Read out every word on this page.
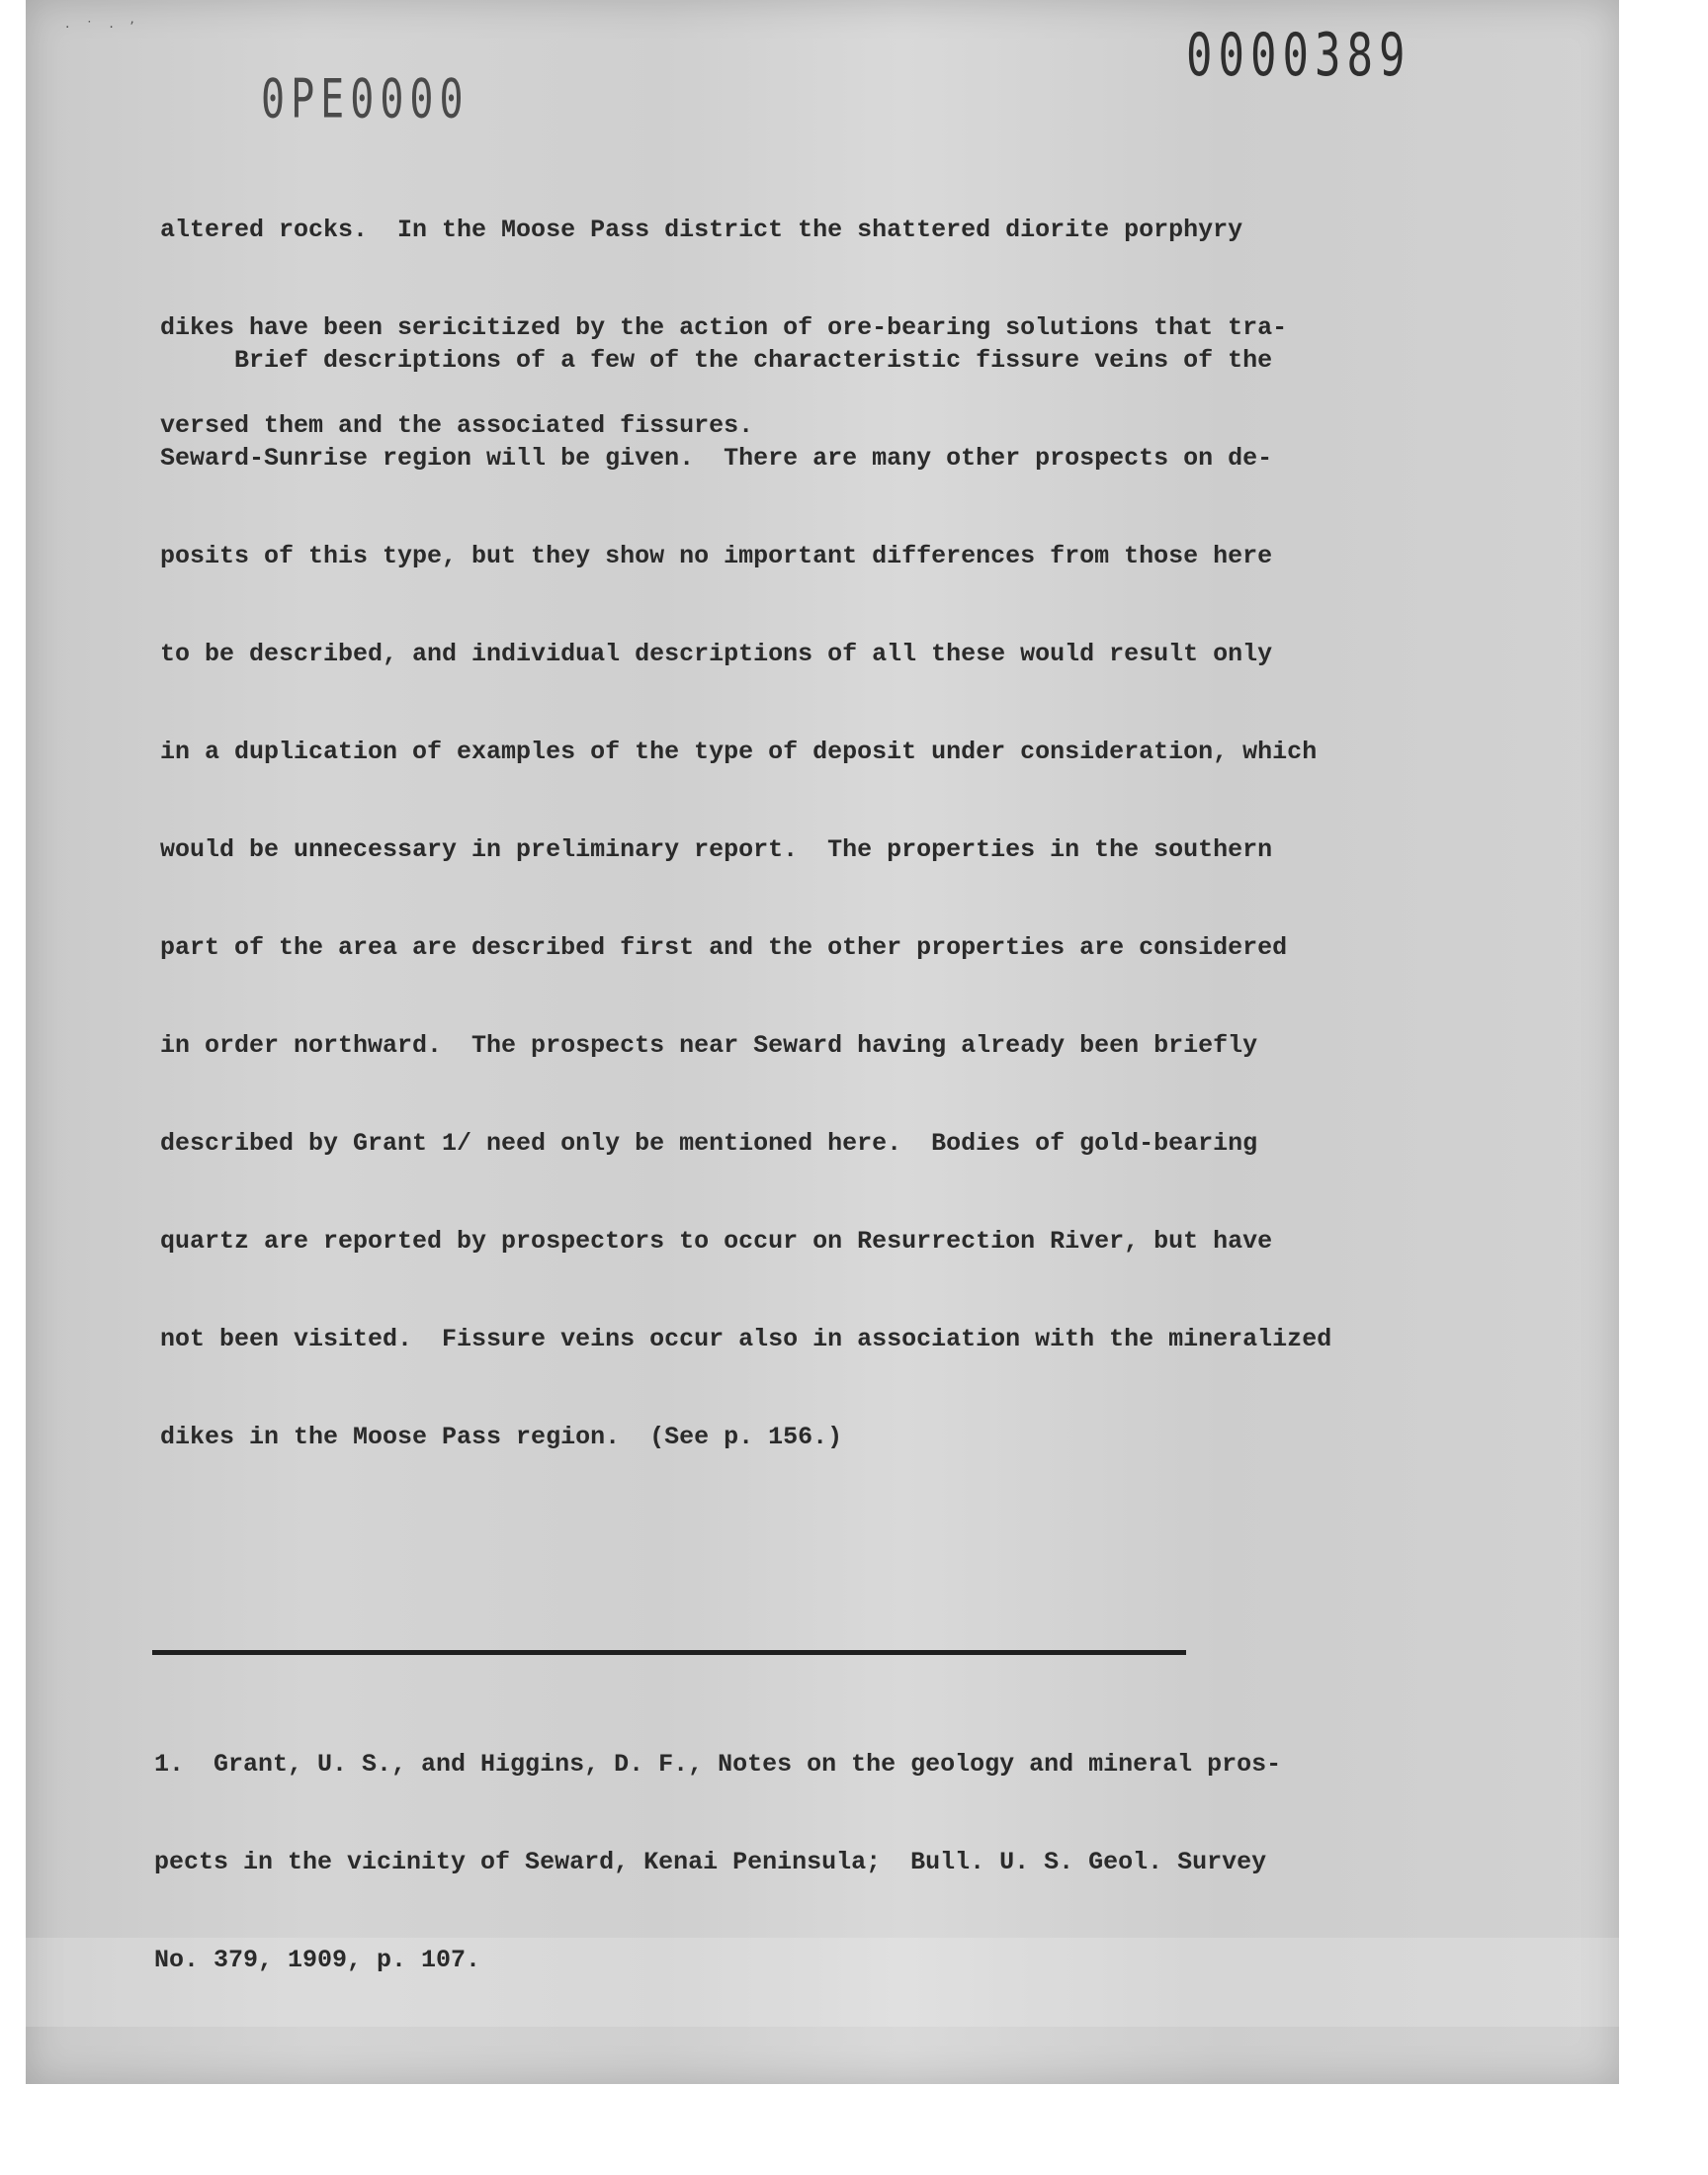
· ˙ · ’	0000389
0PE0000

altered rocks.  In the Moose Pass district the shattered diorite porphyry

dikes have been sericitized by the action of ore-bearing solutions that tra-

versed them and the associated fissures.

Brief descriptions of a few of the characteristic fissure veins of the

Seward-Sunrise region will be given.  There are many other prospects on de-

posits of this type, but they show no important differences from those here

to be described, and individual descriptions of all these would result only

in a duplication of examples of the type of deposit under consideration, which

would be unnecessary in preliminary report.  The properties in the southern

part of the area are described first and the other properties are considered

in order northward.  The prospects near Seward having already been briefly

described by Grant 1/ need only be mentioned here.  Bodies of gold-bearing

quartz are reported by prospectors to occur on Resurrection River, but have

not been visited.  Fissure veins occur also in association with the mineralized

dikes in the Moose Pass region.  (See p. 156.)

1.  Grant, U. S., and Higgins, D. F., Notes on the geology and mineral pros-

pects in the vicinity of Seward, Kenai Peninsula;  Bull. U. S. Geol. Survey

No. 379, 1909, p. 107.
